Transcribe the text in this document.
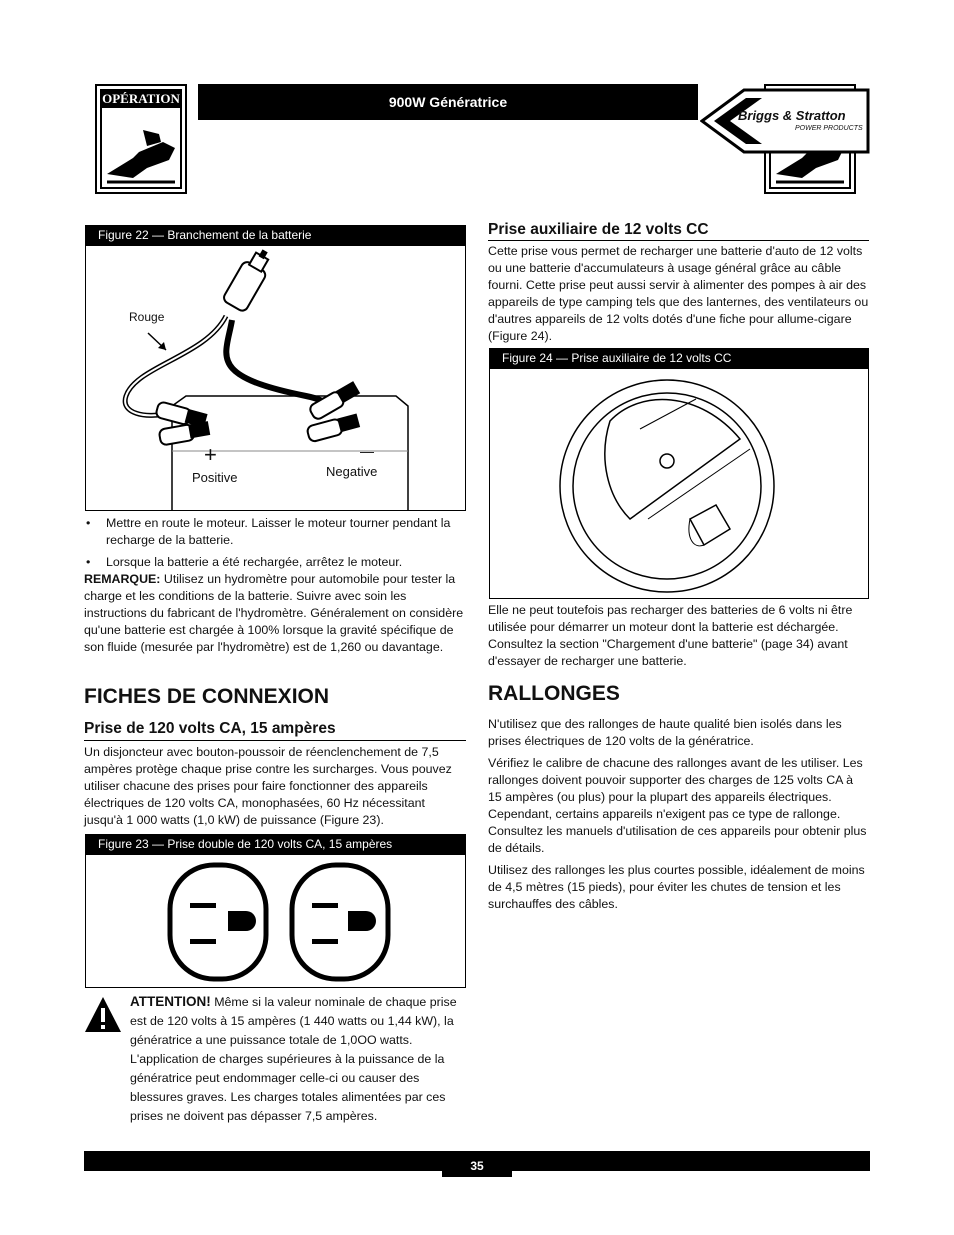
OPÉRATION	900W Génératrice
Briggs & Stratton
POWER PRODUCTS
Figure 22 — Branchement de la batterie
Rouge
+	—
Positive	Negative
• Mettre en route le moteur. Laisser le moteur tourner pendant la recharge de la batterie.
• Lorsque la batterie a été rechargée, arrêtez le moteur.

REMARQUE: Utilisez un hydromètre pour automobile pour tester la charge et les conditions de la batterie. Suivre avec soin les instructions du fabricant de l'hydromètre. Généralement on considère qu'une batterie est chargée à 100% lorsque la gravité spécifique de son fluide (mesurée par l'hydromètre) est de 1,260 ou davantage.

FICHES DE CONNEXION
Prise de 120 volts CA, 15 ampères
Un disjoncteur avec bouton-poussoir de réenclenchement de 7,5 ampères protège chaque prise contre les surcharges. Vous pouvez utiliser chacune des prises pour faire fonctionner des appareils électriques de 120 volts CA, monophasées, 60 Hz nécessitant jusqu'à 1 000 watts (1,0 kW) de puissance (Figure 23).
Figure 23 — Prise double de 120 volts CA, 15 ampères
ATTENTION! Même si la valeur nominale de chaque prise est de 120 volts à 15 ampères (1 440 watts ou 1,44 kW), la génératrice a une puissance totale de 1,0OO watts. L'application de charges supérieures à la puissance de la génératrice peut endommager celle-ci ou causer des blessures graves. Les charges totales alimentées par ces prises ne doivent pas dépasser 7,5 ampères.
Prise auxiliaire de 12 volts CC
Cette prise vous permet de recharger une batterie d'auto de 12 volts ou une batterie d'accumulateurs à usage général grâce au câble fourni. Cette prise peut aussi servir à alimenter des pompes à air des appareils de type camping tels que des lanternes, des ventilateurs ou d'autres appareils de 12 volts dotés d'une fiche pour allume-cigare (Figure 24).
Figure 24 — Prise auxiliaire de 12 volts CC
Elle ne peut toutefois pas recharger des batteries de 6 volts ni être utilisée pour démarrer un moteur dont la batterie est déchargée. Consultez la section "Chargement d'une batterie" (page 34) avant d'essayer de recharger une batterie.
RALLONGES
N'utilisez que des rallonges de haute qualité bien isolés dans les prises électriques de 120 volts de la génératrice.
Vérifiez le calibre de chacune des rallonges avant de les utiliser. Les rallonges doivent pouvoir supporter des charges de 125 volts CA à 15 ampères (ou plus) pour la plupart des appareils électriques. Cependant, certains appareils n'exigent pas ce type de rallonge. Consultez les manuels d'utilisation de ces appareils pour obtenir plus de détails.
Utilisez des rallonges les plus courtes possible, idéalement de moins de 4,5 mètres (15 pieds), pour éviter les chutes de tension et les surchauffes des câbles.
35
